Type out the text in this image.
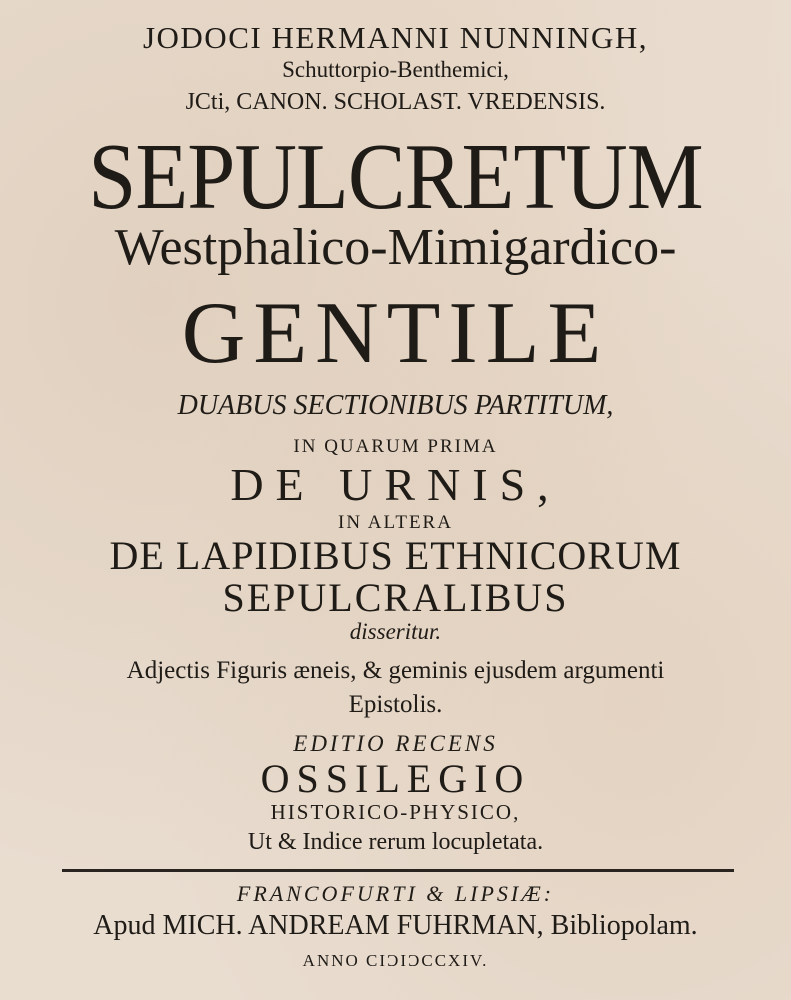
JODOCI HERMANNI NUNNINGH,
Schuttorpio-Benthemici,
JCti, CANON. SCHOLAST. VREDENSIS.
SEPULCRETUM
Westphalico-Mimigardico-
GENTILE
DUABUS SECTIONIBUS PARTITUM,
IN QUARUM PRIMA
DE URNIS,
IN ALTERA
DE LAPIDIBUS ETHNICORUM
SEPULCRALIBUS
disseritur.
Adjectis Figuris æneis, & geminis ejusdem argumenti
Epistolis.
EDITIO RECENS
OSSILEGIO
HISTORICO-PHYSICO,
Ut & Indice rerum locupletata.
FRANCOFURTI & LIPSIÆ:
Apud MICH. ANDREAM FUHRMAN, Bibliopolam.
ANNO CIƆIƆCCXIV.
